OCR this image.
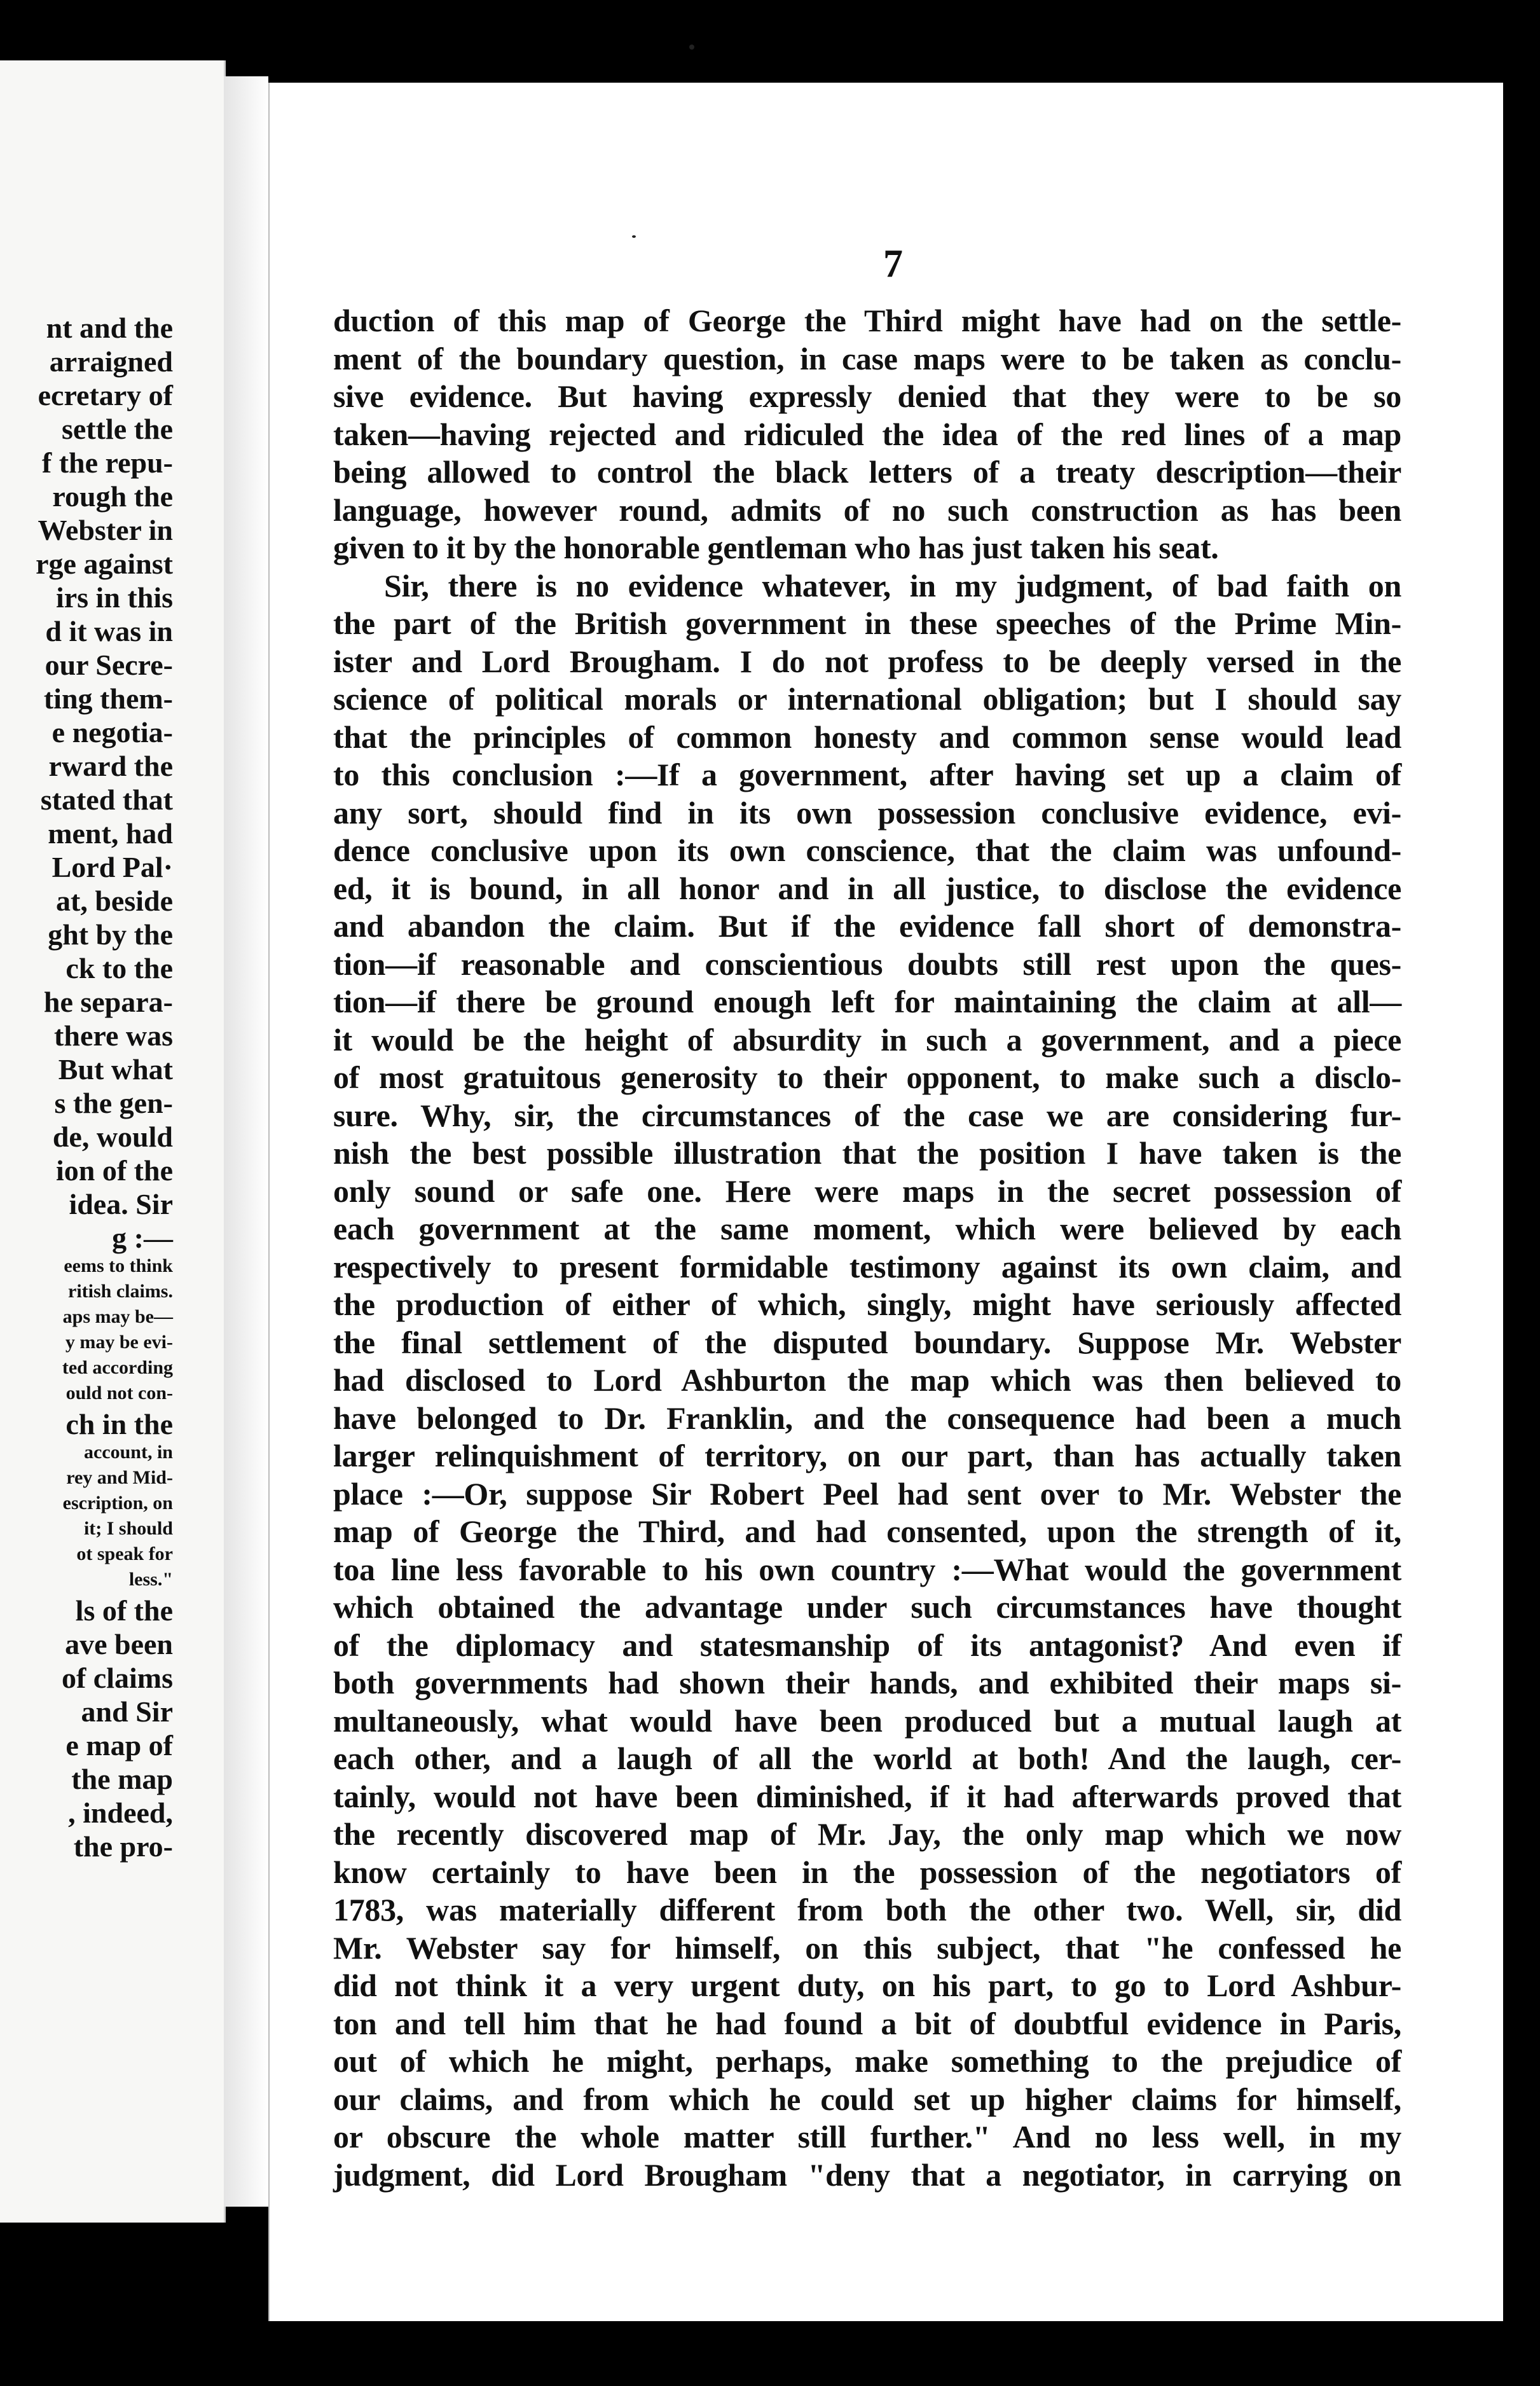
nt and the
arraigned
ecretary of
settle the
f the repu-
rough the
Webster in
rge against
irs in this
d it was in
our Secre-
ting them-
e negotia-
rward the
stated that
ment, had
Lord Pal·
at, beside
ght by the
ck to the
he separa-
there was
But what
s the gen-
de, would
ion of the
idea. Sir
g :—
eems to think
ritish claims.
aps may be—
y may be evi-
ted according
ould not con-
ch in the
account, in
rey and Mid-
escription, on
it; I should
ot speak for
less."
ls of the
ave been
of claims
and Sir
e map of
the map
, indeed,
the pro-
7
duction of this map of George the Third might have had on the settle-
ment of the boundary question, in case maps were to be taken as conclu-
sive evidence. But having expressly denied that they were to be so
taken—having rejected and ridiculed the idea of the red lines of a map
being allowed to control the black letters of a treaty description—their
language, however round, admits of no such construction as has been
given to it by the honorable gentleman who has just taken his seat.
Sir, there is no evidence whatever, in my judgment, of bad faith on
the part of the British government in these speeches of the Prime Min-
ister and Lord Brougham. I do not profess to be deeply versed in the
science of political morals or international obligation; but I should say
that the principles of common honesty and common sense would lead
to this conclusion :—If a government, after having set up a claim of
any sort, should find in its own possession conclusive evidence, evi-
dence conclusive upon its own conscience, that the claim was unfound-
ed, it is bound, in all honor and in all justice, to disclose the evidence
and abandon the claim. But if the evidence fall short of demonstra-
tion—if reasonable and conscientious doubts still rest upon the ques-
tion—if there be ground enough left for maintaining the claim at all—
it would be the height of absurdity in such a government, and a piece
of most gratuitous generosity to their opponent, to make such a disclo-
sure. Why, sir, the circumstances of the case we are considering fur-
nish the best possible illustration that the position I have taken is the
only sound or safe one. Here were maps in the secret possession of
each government at the same moment, which were believed by each
respectively to present formidable testimony against its own claim, and
the production of either of which, singly, might have seriously affected
the final settlement of the disputed boundary. Suppose Mr. Webster
had disclosed to Lord Ashburton the map which was then believed to
have belonged to Dr. Franklin, and the consequence had been a much
larger relinquishment of territory, on our part, than has actually taken
place :—Or, suppose Sir Robert Peel had sent over to Mr. Webster the
map of George the Third, and had consented, upon the strength of it,
toa line less favorable to his own country :—What would the government
which obtained the advantage under such circumstances have thought
of the diplomacy and statesmanship of its antagonist? And even if
both governments had shown their hands, and exhibited their maps si-
multaneously, what would have been produced but a mutual laugh at
each other, and a laugh of all the world at both! And the laugh, cer-
tainly, would not have been diminished, if it had afterwards proved that
the recently discovered map of Mr. Jay, the only map which we now
know certainly to have been in the possession of the negotiators of
1783, was materially different from both the other two. Well, sir, did
Mr. Webster say for himself, on this subject, that "he confessed he
did not think it a very urgent duty, on his part, to go to Lord Ashbur-
ton and tell him that he had found a bit of doubtful evidence in Paris,
out of which he might, perhaps, make something to the prejudice of
our claims, and from which he could set up higher claims for himself,
or obscure the whole matter still further." And no less well, in my
judgment, did Lord Brougham "deny that a negotiator, in carrying on
